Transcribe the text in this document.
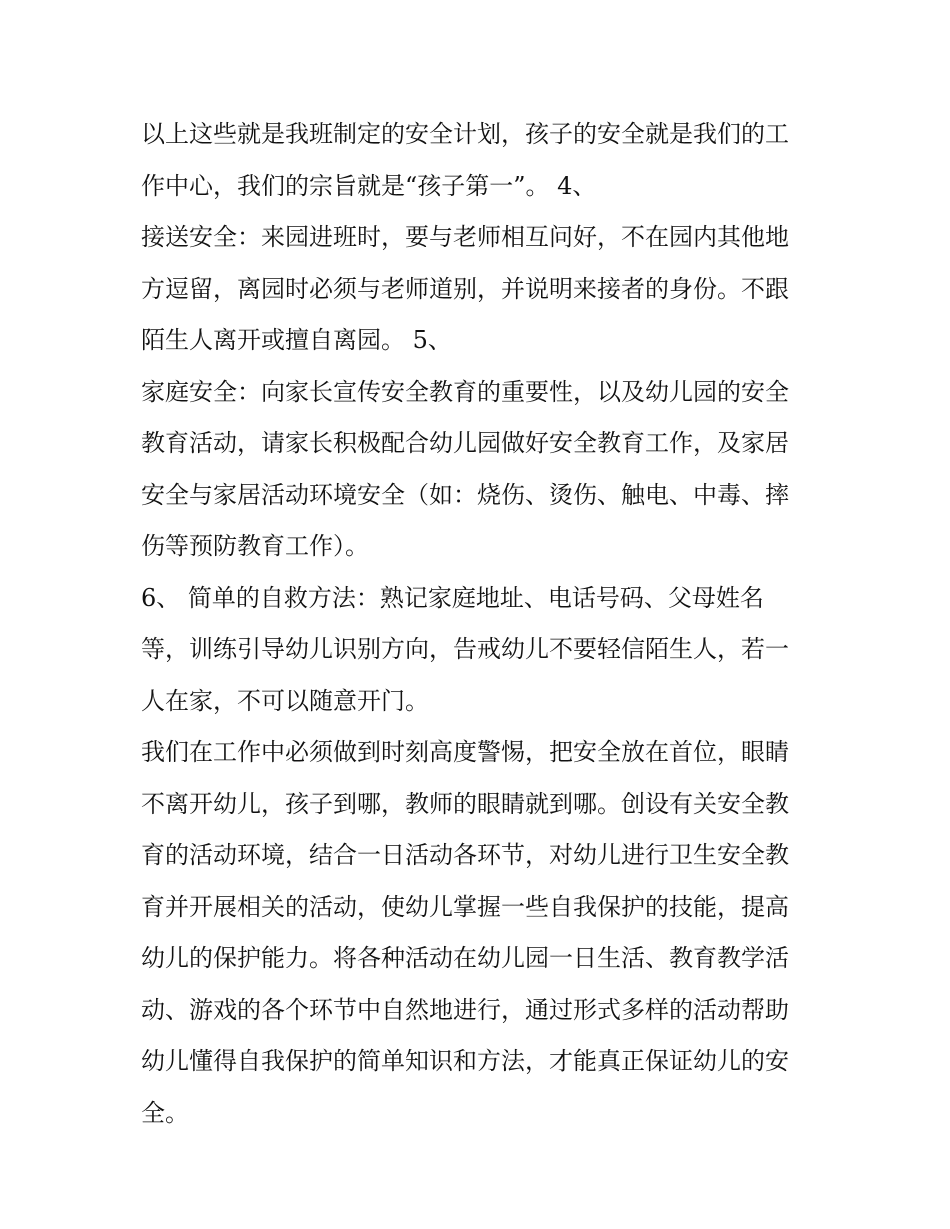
以上这些就是我班制定的安全计划，孩子的安全就是我们的工
作中心，我们的宗旨就是“孩子第一”。 4、
接送安全：来园进班时，要与老师相互问好，不在园内其他地
方逗留，离园时必须与老师道别，并说明来接者的身份。不跟
陌生人离开或擅自离园。 5、
家庭安全：向家长宣传安全教育的重要性，以及幼儿园的安全
教育活动，请家长积极配合幼儿园做好安全教育工作，及家居
安全与家居活动环境安全（如：烧伤、烫伤、触电、中毒、摔
伤等预防教育工作）。
6、 简单的自救方法：熟记家庭地址、电话号码、父母姓名
等，训练引导幼儿识别方向，告戒幼儿不要轻信陌生人，若一
人在家，不可以随意开门。
我们在工作中必须做到时刻高度警惕，把安全放在首位，眼睛
不离开幼儿，孩子到哪，教师的眼睛就到哪。创设有关安全教
育的活动环境，结合一日活动各环节，对幼儿进行卫生安全教
育并开展相关的活动，使幼儿掌握一些自我保护的技能，提高
幼儿的保护能力。将各种活动在幼儿园一日生活、教育教学活
动、游戏的各个环节中自然地进行，通过形式多样的活动帮助
幼儿懂得自我保护的简单知识和方法，才能真正保证幼儿的安
全。
